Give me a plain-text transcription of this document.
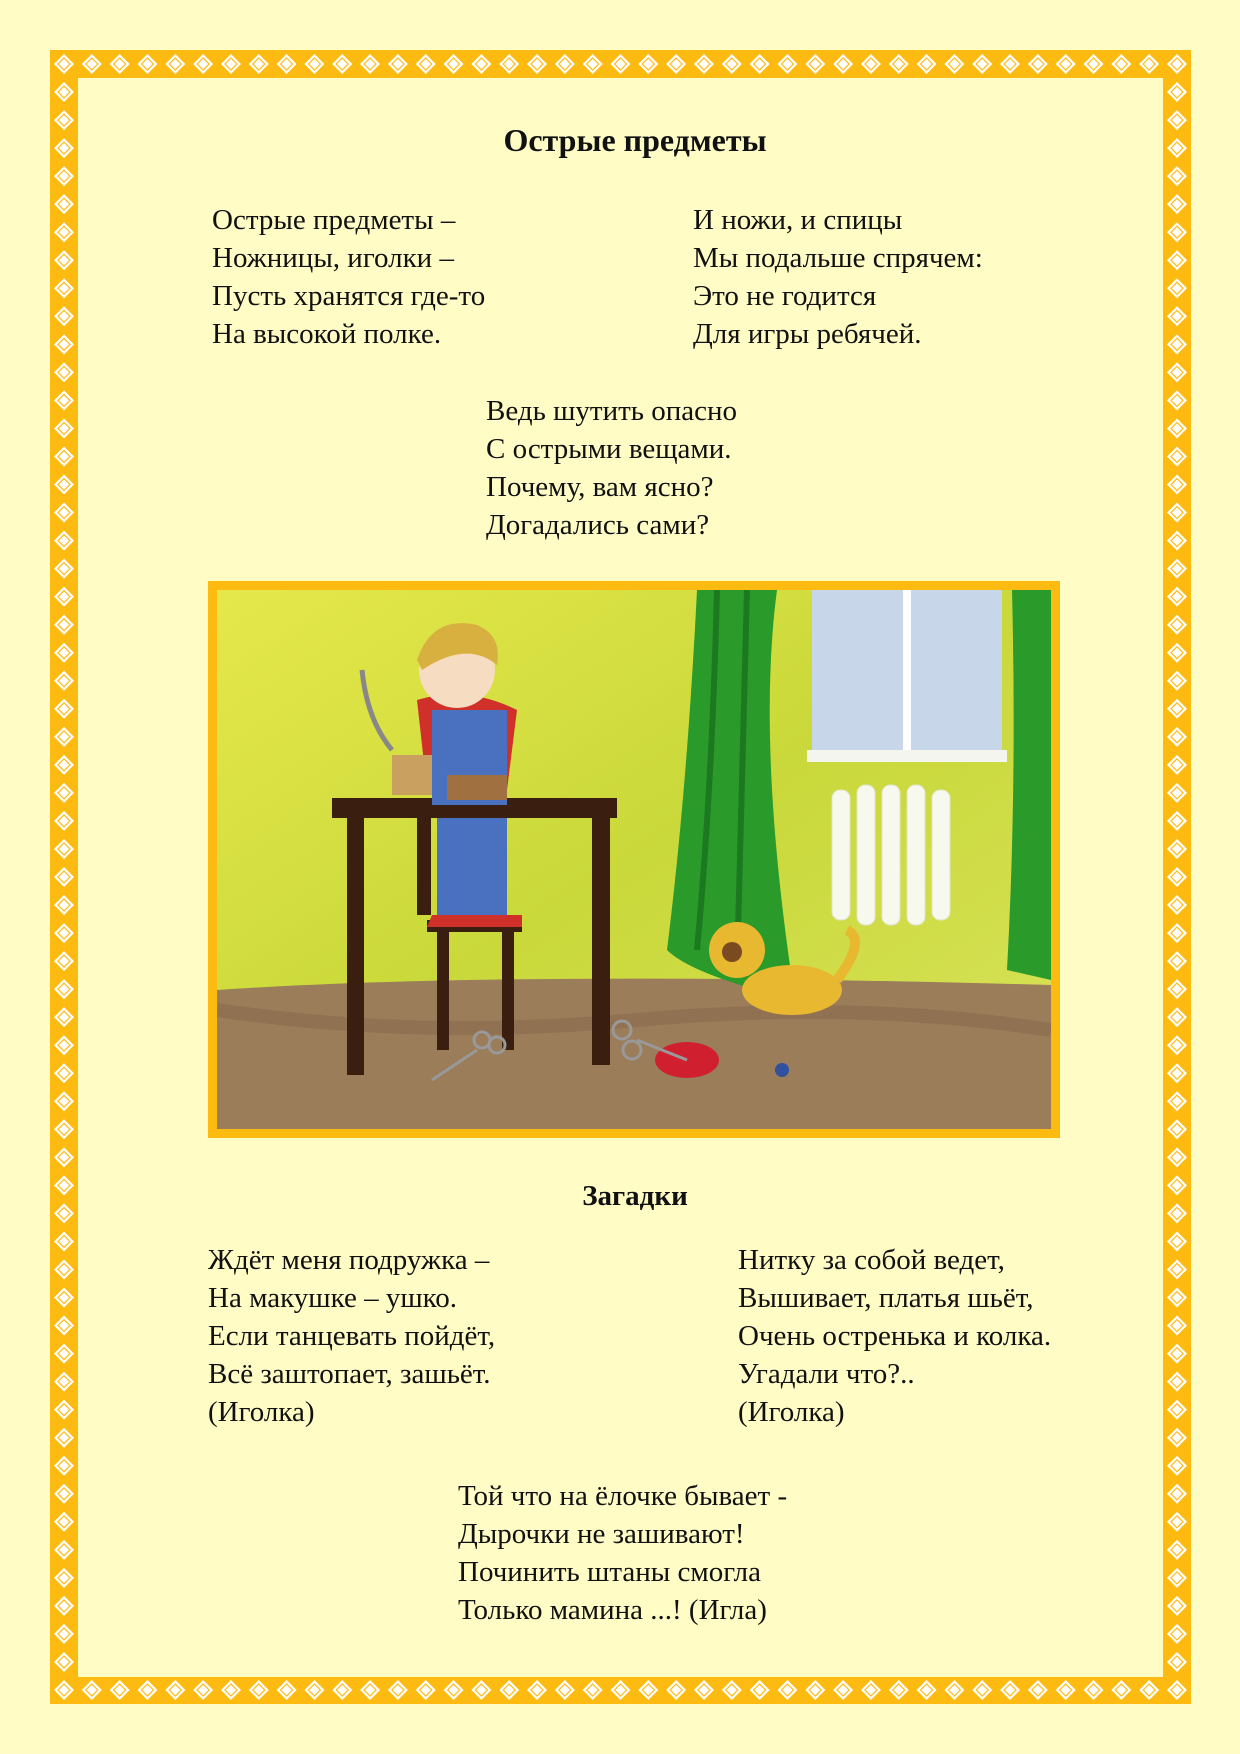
Острые предметы
Острые предметы –
Ножницы, иголки –
Пусть хранятся где-то
На высокой полке.
И ножи, и спицы
Мы подальше спрячем:
Это не годится
Для игры ребячей.
Ведь шутить опасно
С острыми вещами.
Почему, вам ясно?
Догадались сами?
Загадки
Ждёт меня подружка –
На макушке – ушко.
Если танцевать пойдёт,
Всё заштопает, зашьёт.
(Иголка)
Нитку за собой ведет,
Вышивает, платья шьёт,
Очень остренька и колка.
Угадали что?..
(Иголка)
Той что на ёлочке бывает -
Дырочки не зашивают!
Починить штаны смогла
Только мамина ...! (Игла)
